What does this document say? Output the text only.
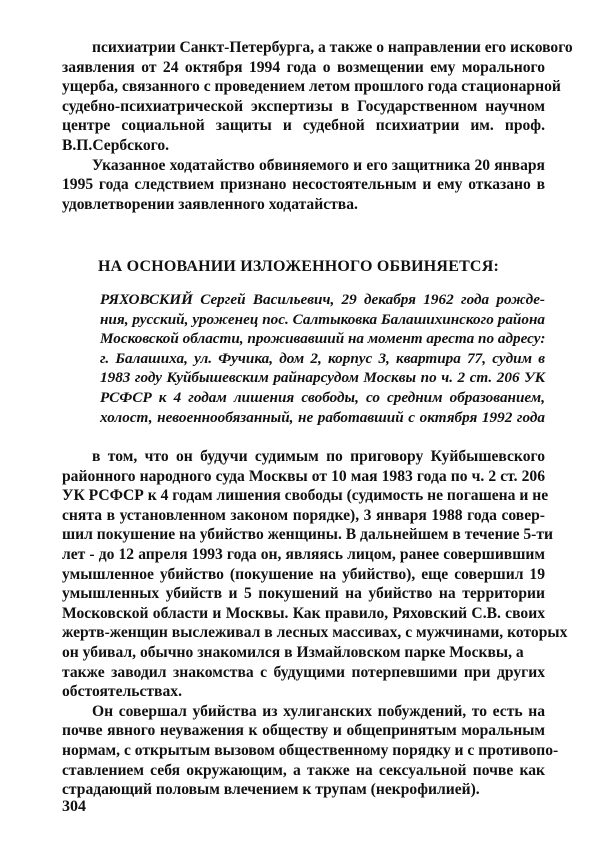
психиатрии Санкт-Петербурга, а также о направлении его искового
заявления от 24 октября 1994 года о возмещении ему морального
ущерба, связанного с проведением летом прошлого года стационарной
судебно-психиатрической экспертизы в Государственном научном
центре социальной защиты и судебной психиатрии им. проф.
В.П.Сербского.
Указанное ходатайство обвиняемого и его защитника 20 января
1995 года следствием признано несостоятельным и ему отказано в
удовлетворении заявленного ходатайства.
НА ОСНОВАНИИ ИЗЛОЖЕННОГО ОБВИНЯЕТСЯ:
РЯХОВСКИЙ Сергей Васильевич, 29 декабря 1962 года рожде-
ния, русский, уроженец пос. Салтыковка Балашихинского района
Московской области, проживавший на момент ареста по адресу:
г. Балашиха, ул. Фучика, дом 2, корпус 3, квартира 77, судим в
1983 году Куйбышевским райнарсудом Москвы по ч. 2 ст. 206 УК
РСФСР к 4 годам лишения свободы, со средним образованием,
холост, невоеннообязанный, не работавший с октября 1992 года
в том, что он будучи судимым по приговору Куйбышевского
районного народного суда Москвы от 10 мая 1983 года по ч. 2 ст. 206
УК РСФСР к 4 годам лишения свободы (судимость не погашена и не
снята в установленном законом порядке), 3 января 1988 года совер-
шил покушение на убийство женщины. В дальнейшем в течение 5-ти
лет - до 12 апреля 1993 года он, являясь лицом, ранее совершившим
умышленное убийство (покушение на убийство), еще совершил 19
умышленных убийств и 5 покушений на убийство на территории
Московской области и Москвы. Как правило, Ряховский С.В. своих
жертв-женщин выслеживал в лесных массивах, с мужчинами, которых
он убивал, обычно знакомился в Измайловском парке Москвы, а
также заводил знакомства с будущими потерпевшими при других
обстоятельствах.
Он совершал убийства из хулиганских побуждений, то есть на
почве явного неуважения к обществу и общепринятым моральным
нормам, с открытым вызовом общественному порядку и с противопо-
ставлением себя окружающим, а также на сексуальной почве как
страдающий половым влечением к трупам (некрофилией).
304
